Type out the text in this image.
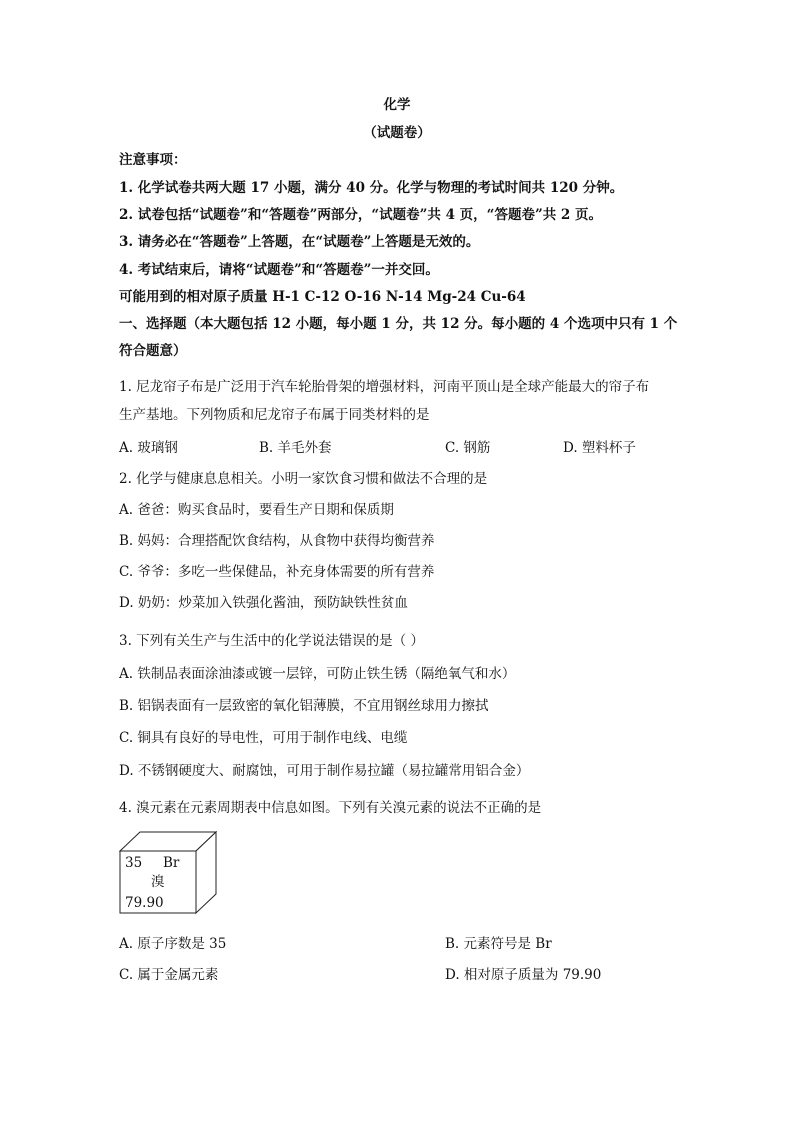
化学
（试题卷）
注意事项：
1. 化学试卷共两大题 17 小题，满分 40 分。化学与物理的考试时间共 120 分钟。
2. 试卷包括“试题卷”和“答题卷”两部分，“试题卷”共 4 页，“答题卷”共 2 页。
3. 请务必在“答题卷”上答题，在“试题卷”上答题是无效的。
4. 考试结束后，请将“试题卷”和“答题卷”一并交回。
可能用到的相对原子质量 H-1 C-12 O-16 N-14 Mg-24 Cu-64
一、选择题（本大题包括 12 小题，每小题 1 分，共 12 分。每小题的 4 个选项中只有 1 个
符合题意）
1. 尼龙帘子布是广泛用于汽车轮胎骨架的增强材料，河南平顶山是全球产能最大的帘子布
生产基地。下列物质和尼龙帘子布属于同类材料的是
A. 玻璃钢	B. 羊毛外套	C. 钢筋	D. 塑料杯子
2. 化学与健康息息相关。小明一家饮食习惯和做法不合理的是
A. 爸爸：购买食品时，要看生产日期和保质期
B. 妈妈：合理搭配饮食结构，从食物中获得均衡营养
C. 爷爷：多吃一些保健品，补充身体需要的所有营养
D. 奶奶：炒菜加入铁强化酱油，预防缺铁性贫血
3. 下列有关生产与生活中的化学说法错误的是（ ）
A. 铁制品表面涂油漆或镀一层锌，可防止铁生锈（隔绝氧气和水）
B. 铝锅表面有一层致密的氧化铝薄膜，不宜用钢丝球用力擦拭
C. 铜具有良好的导电性，可用于制作电线、电缆
D. 不锈钢硬度大、耐腐蚀，可用于制作易拉罐（易拉罐常用铝合金）
4. 溴元素在元素周期表中信息如图。下列有关溴元素的说法不正确的是
35 Br
溴
79.90
A. 原子序数是 35	B. 元素符号是 Br
C. 属于金属元素	D. 相对原子质量为 79.90
